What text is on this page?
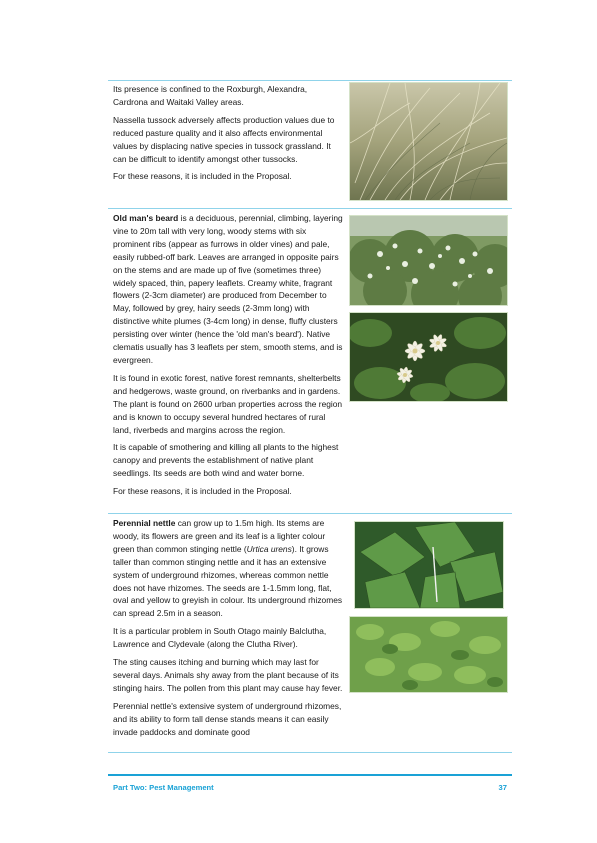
Its presence is confined to the Roxburgh, Alexandra, Cardrona and Waitaki Valley areas.

Nassella tussock adversely affects production values due to reduced pasture quality and it also affects environmental values by displacing native species in tussock grassland. It can be difficult to identify amongst other tussocks.

For these reasons, it is included in the Proposal.

Old man's beard is a deciduous, perennial, climbing, layering vine to 20m tall with very long, woody stems with six prominent ribs (appear as furrows in older vines) and pale, easily rubbed-off bark. Leaves are arranged in opposite pairs on the stems and are made up of five (sometimes three) widely spaced, thin, papery leaflets. Creamy white, fragrant flowers (2-3cm diameter) are produced from December to May, followed by grey, hairy seeds (2-3mm long) with distinctive white plumes (3-4cm long) in dense, fluffy clusters persisting over winter (hence the 'old man's beard'). Native clematis usually has 3 leaflets per stem, smooth stems, and is evergreen.

It is found in exotic forest, native forest remnants, shelterbelts and hedgerows, waste ground, on riverbanks and in gardens. The plant is found on 2600 urban properties across the region and is known to occupy several hundred hectares of rural land, riverbeds and margins across the region.

It is capable of smothering and killing all plants to the highest canopy and prevents the establishment of native plant seedlings. Its seeds are both wind and water borne.

For these reasons, it is included in the Proposal.

Perennial nettle can grow up to 1.5m high. Its stems are woody, its flowers are green and its leaf is a lighter colour green than common stinging nettle (Urtica urens). It grows taller than common stinging nettle and it has an extensive system of underground rhizomes, whereas common nettle does not have rhizomes. The seeds are 1-1.5mm long, flat, oval and yellow to greyish in colour. Its underground rhizomes can spread 2.5m in a season.

It is a particular problem in South Otago mainly Balclutha, Lawrence and Clydevale (along the Clutha River).

The sting causes itching and burning which may last for several days. Animals shy away from the plant because of its stinging hairs. The pollen from this plant may cause hay fever.

Perennial nettle's extensive system of underground rhizomes, and its ability to form tall dense stands means it can easily invade paddocks and dominate good

Part Two: Pest Management	37
